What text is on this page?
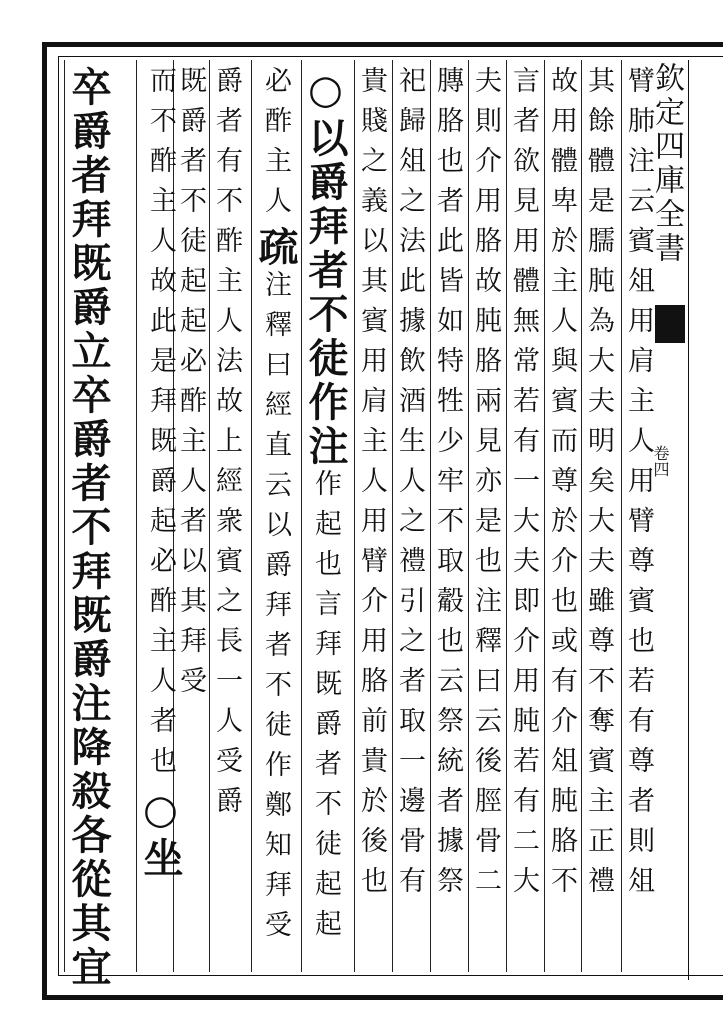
欽定四庫全書
卷四
臂肺注云賓俎用肩主人用臂尊賓也若有尊者則俎
其餘體是臑肫為大夫明矣大夫雖尊不奪賓主正禮
故用體卑於主人與賓而尊於介也或有介俎肫胳不
言者欲見用體無常若有一大夫即介用肫若有二大
夫則介用胳故肫胳兩見亦是也注釋曰云後脛骨二
膞胳也者此皆如特牲少牢不取觳也云祭統者據祭
祀歸俎之法此據飲酒生人之禮引之者取一邊骨有
貴賤之義以其賓用肩主人用臂介用胳前貴於後也
○以爵拜者不徒作注作起也言拜既爵者不徒起起
必酢主人疏注釋曰經直云以爵拜者不徒作鄭知拜受
爵者有不酢主人法故上經衆賓之長一人受爵
既爵者不徒起起必酢主人者以其拜受
而不酢主人故此是拜既爵起必酢主人者也○坐
卒爵者拜既爵立卒爵者不拜既爵注降殺各從其宜
